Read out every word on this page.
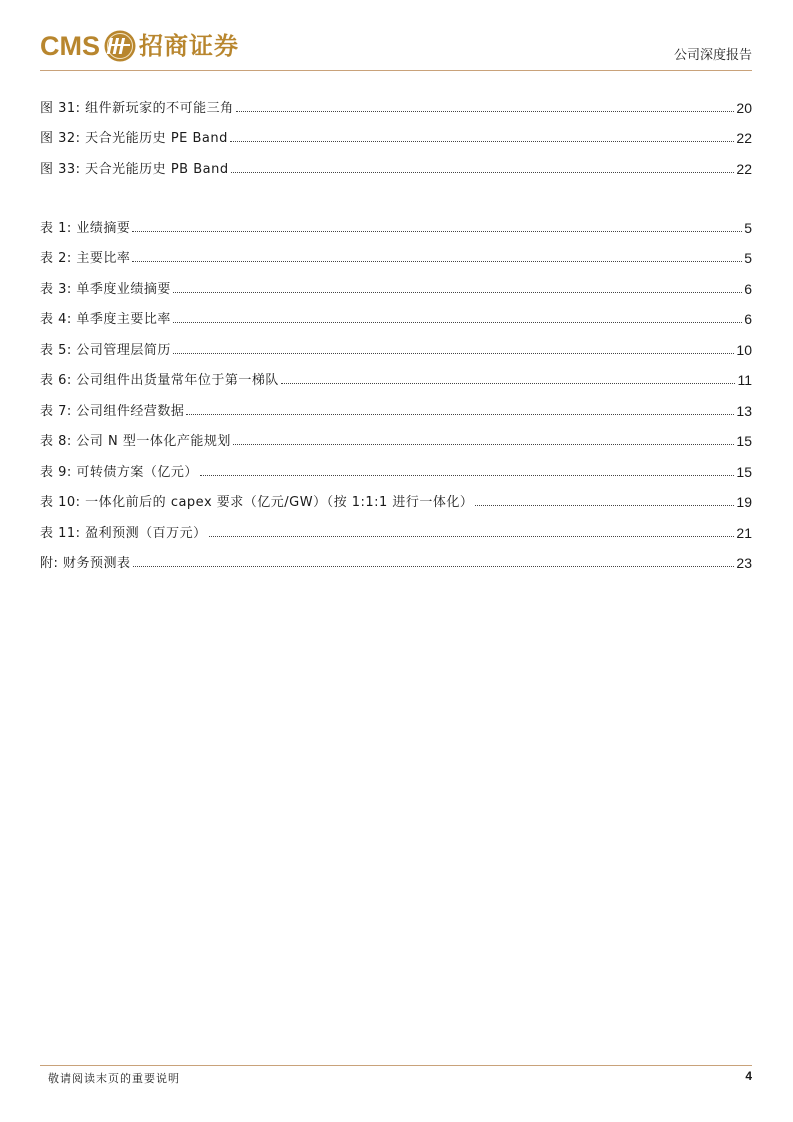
CMS 招商证券	公司深度报告
图 31: 组件新玩家的不可能三角	20
图 32: 天合光能历史 PE Band	22
图 33: 天合光能历史 PB Band	22
表 1: 业绩摘要	5
表 2: 主要比率	5
表 3: 单季度业绩摘要	6
表 4: 单季度主要比率	6
表 5: 公司管理层简历	10
表 6: 公司组件出货量常年位于第一梯队	11
表 7: 公司组件经营数据	13
表 8: 公司 N 型一体化产能规划	15
表 9: 可转债方案（亿元）	15
表 10: 一体化前后的 capex 要求（亿元/GW）（按 1:1:1 进行一体化）	19
表 11: 盈利预测（百万元）	21
附: 财务预测表	23
敬请阅读末页的重要说明	4
